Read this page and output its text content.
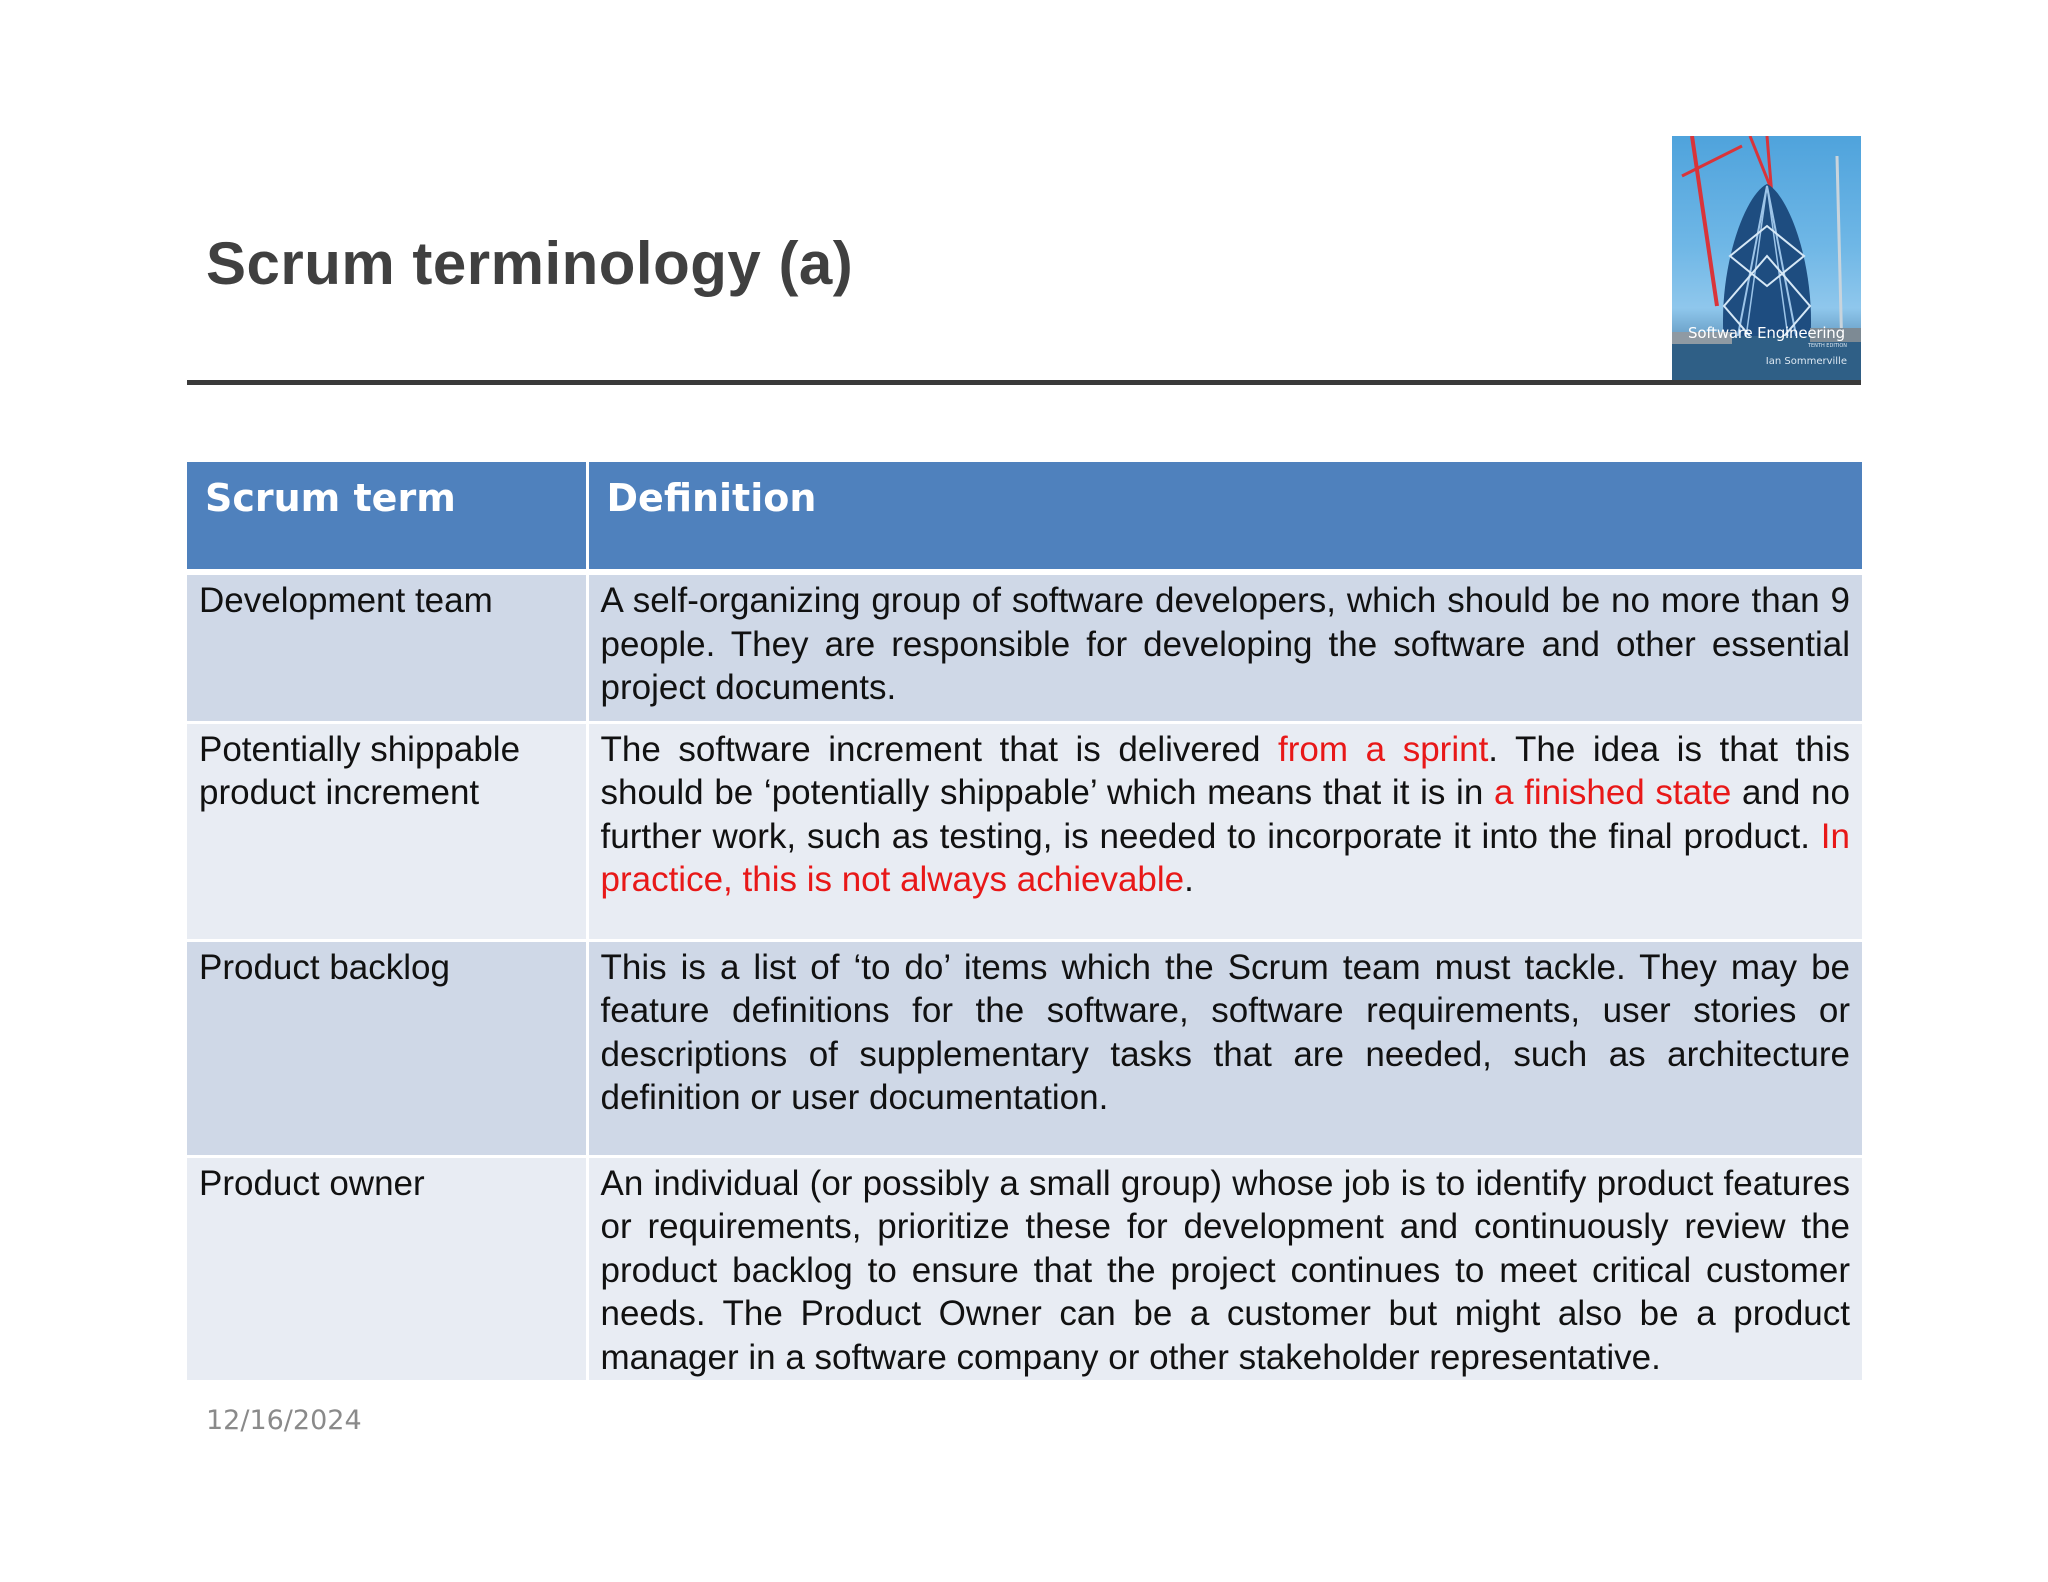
Scrum terminology (a)
Software Engineering
TENTH EDITION
Ian Sommerville
Scrum term	Definition
Development team	A self-organizing group of software developers, which should be no more than 9 people. They are responsible for developing the software and other essential project documents.
Potentially shippable product increment	The software increment that is delivered from a sprint. The idea is that this should be ‘potentially shippable’ which means that it is in a finished state and no further work, such as testing, is needed to incorporate it into the final product. In practice, this is not always achievable.
Product backlog	This is a list of ‘to do’ items which the Scrum team must tackle. They may be feature definitions for the software, software requirements, user stories or descriptions of supplementary tasks that are needed, such as architecture definition or user documentation.
Product owner	An individual (or possibly a small group) whose job is to identify product features or requirements, prioritize these for development and continuously review the product backlog to ensure that the project continues to meet critical customer needs. The Product Owner can be a customer but might also be a product manager in a software company or other stakeholder representative.
12/16/2024
